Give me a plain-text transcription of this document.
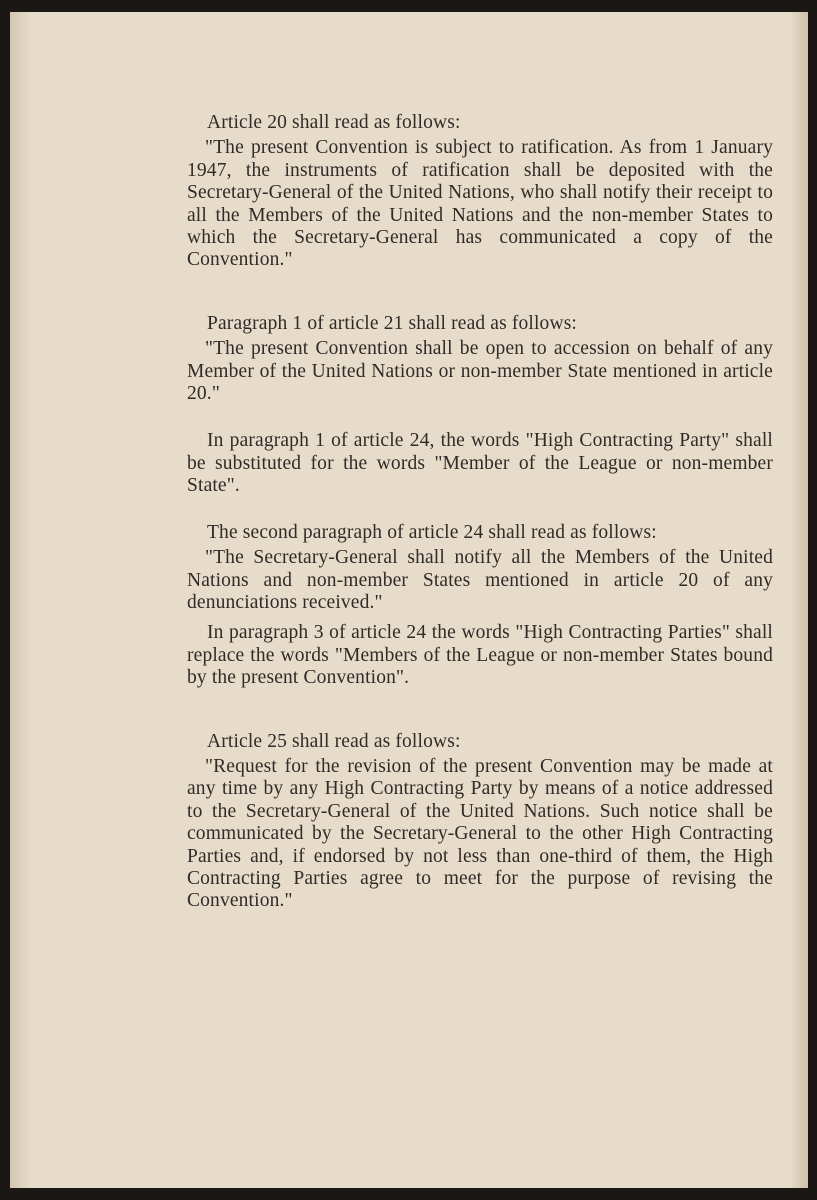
Article 20 shall read as follows:

"The present Convention is subject to ratification. As from 1 January 1947, the instruments of ratification shall be deposited with the Secretary-General of the United Nations, who shall notify their receipt to all the Members of the United Nations and the non-member States to which the Secretary-General has communicated a copy of the Convention."

Paragraph 1 of article 21 shall read as follows:

"The present Convention shall be open to accession on behalf of any Member of the United Nations or non-member State mentioned in article 20."

In paragraph 1 of article 24, the words "High Contracting Party" shall be substituted for the words "Member of the League or non-member State".

The second paragraph of article 24 shall read as follows:

"The Secretary-General shall notify all the Members of the United Nations and non-member States mentioned in article 20 of any denunciations received."

In paragraph 3 of article 24 the words "High Contracting Parties" shall replace the words "Members of the League or non-member States bound by the present Convention".

Article 25 shall read as follows:

"Request for the revision of the present Convention may be made at any time by any High Contracting Party by means of a notice addressed to the Secretary-General of the United Nations. Such notice shall be communicated by the Secretary-General to the other High Contracting Parties and, if endorsed by not less than one-third of them, the High Contracting Parties agree to meet for the purpose of revising the Convention."
